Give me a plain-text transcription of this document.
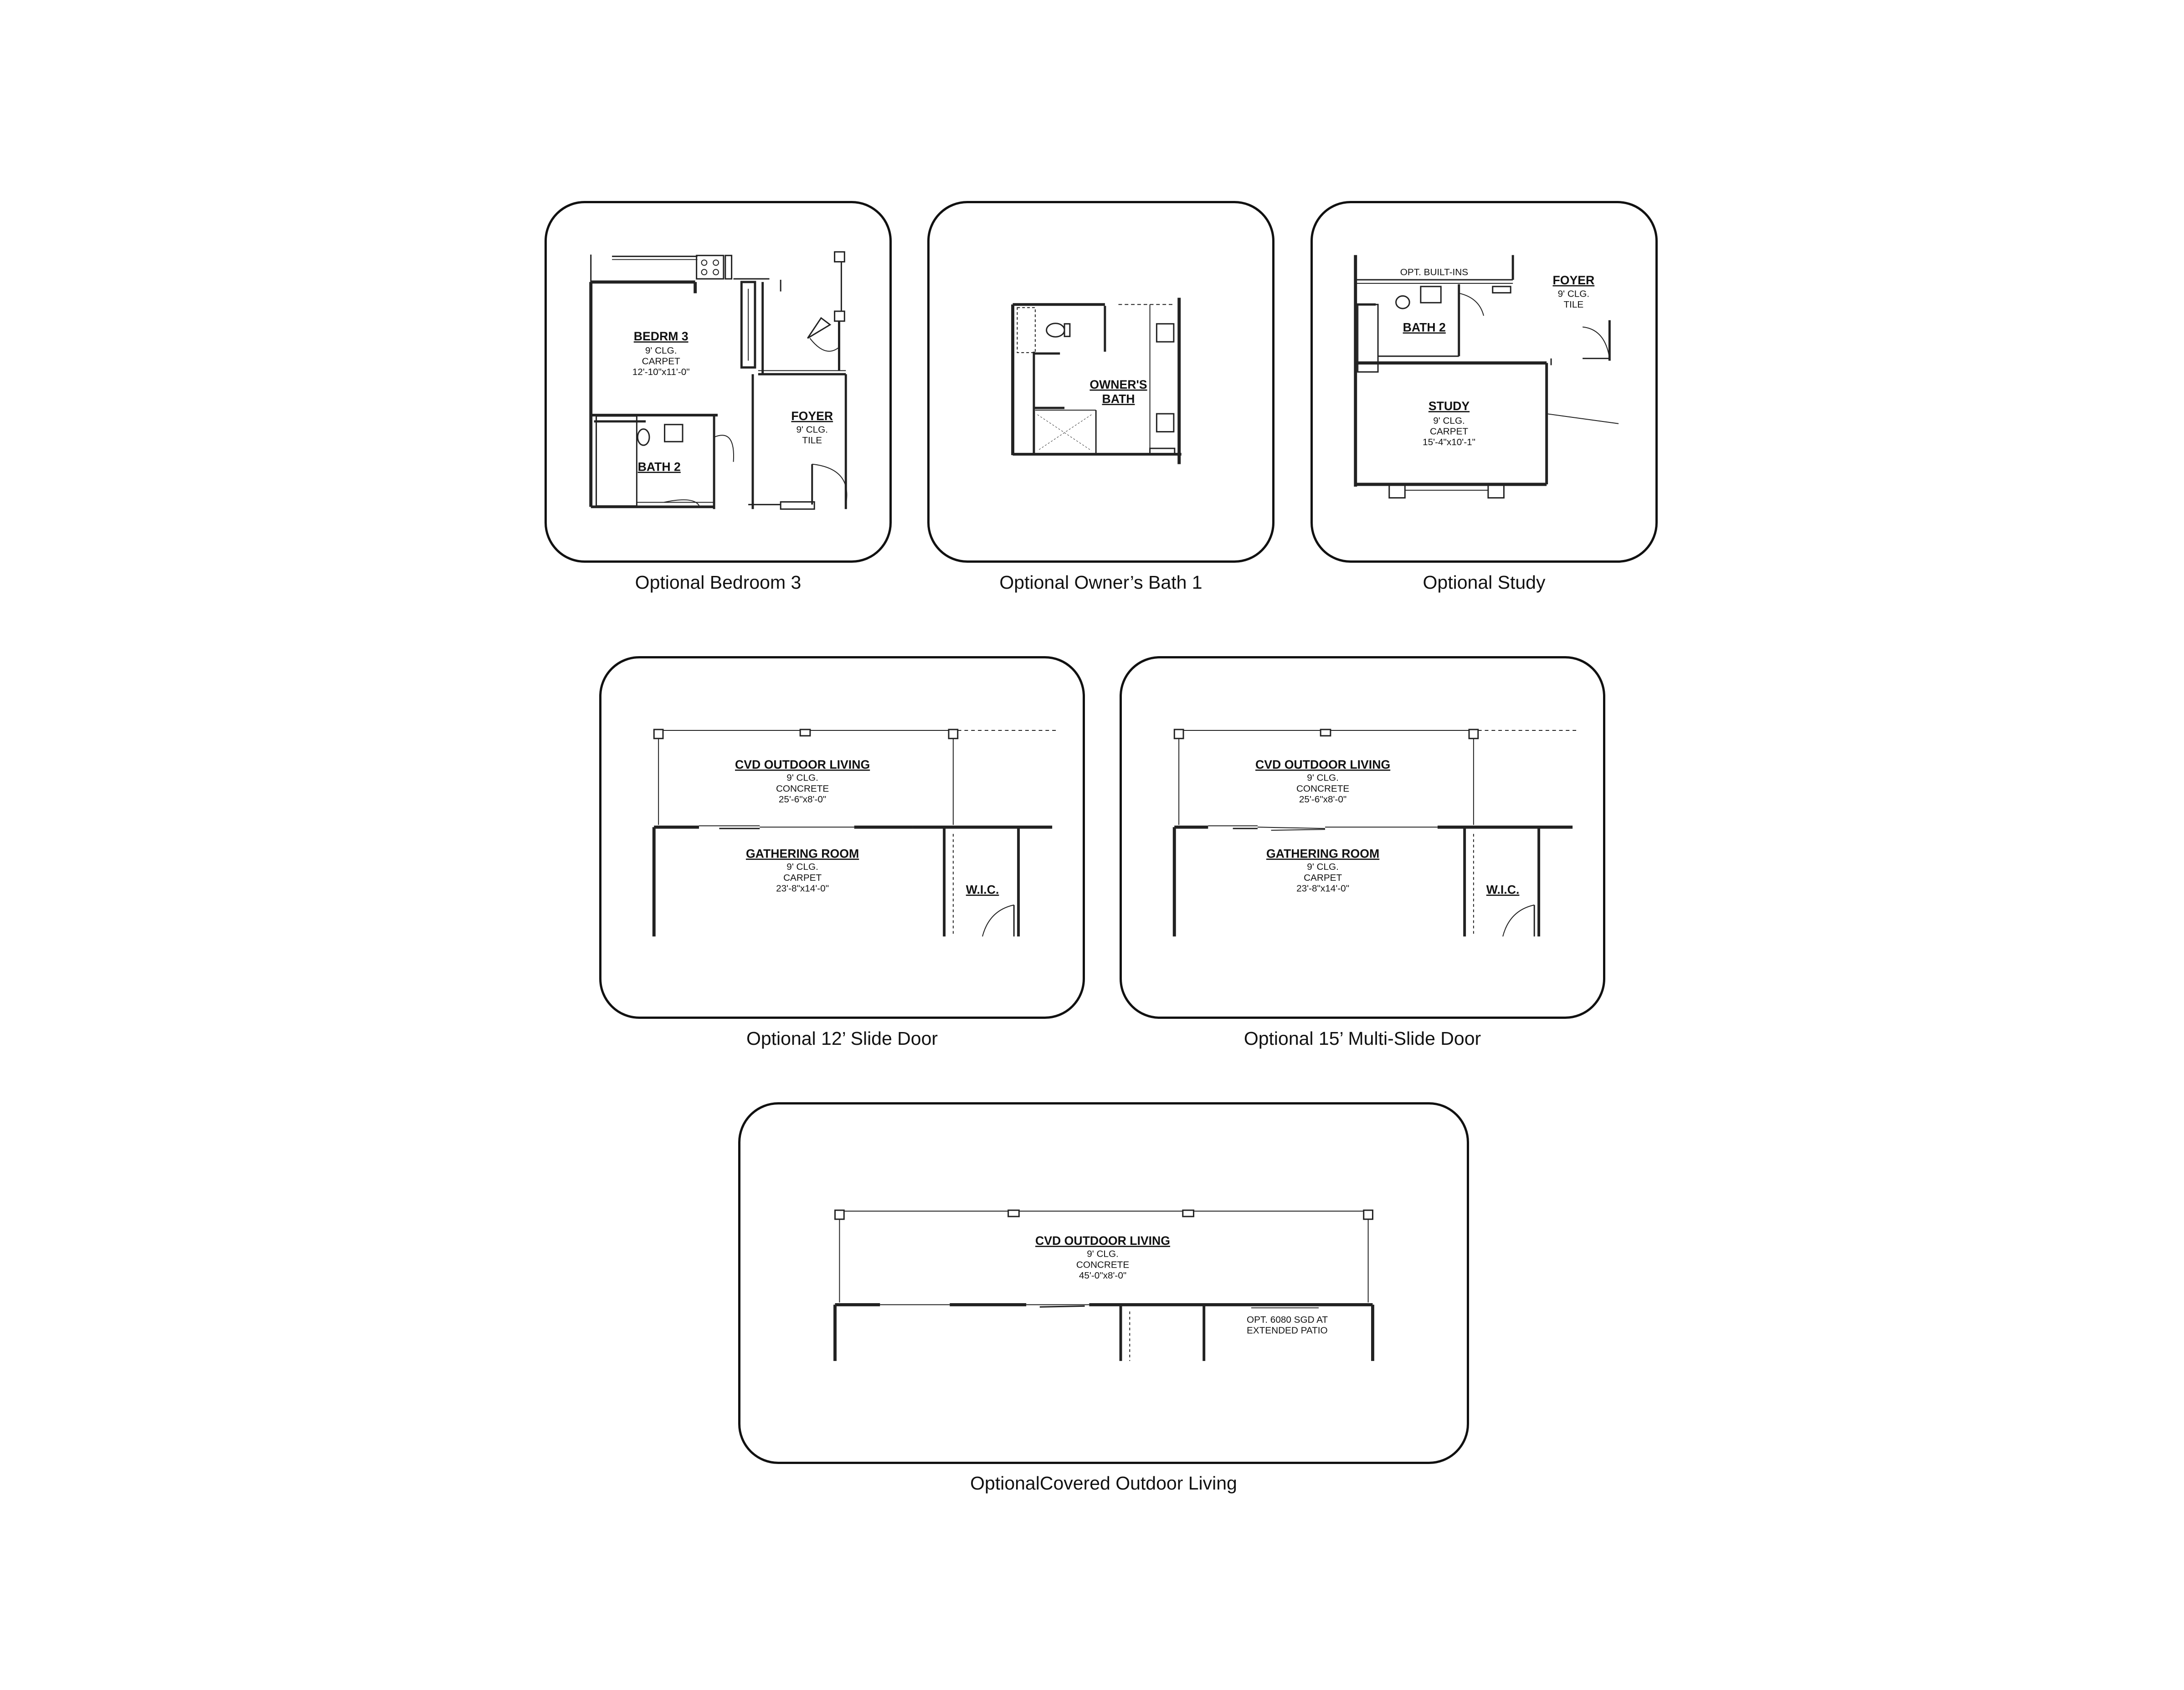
BEDRM 3
9' CLG.
CARPET
12'-10"x11'-0"
FOYER
9' CLG.
TILE
BATH 2
Optional Bedroom 3
OWNER'S
BATH
Optional Owner’s Bath 1
OPT. BUILT-INS
FOYER
9' CLG.
TILE
BATH 2
STUDY
9' CLG.
CARPET
15'-4"x10'-1"
Optional Study
CVD OUTDOOR LIVING
9' CLG.
CONCRETE
25'-6"x8'-0"
GATHERING ROOM
9' CLG.
CARPET
23'-8"x14'-0"	W.I.C.
Optional 12’ Slide Door
CVD OUTDOOR LIVING
9' CLG.
CONCRETE
25'-6"x8'-0"
GATHERING ROOM
9' CLG.
CARPET
23'-8"x14'-0"	W.I.C.
Optional 15’ Multi-Slide Door
CVD OUTDOOR LIVING
9' CLG.
CONCRETE
45'-0"x8'-0"
OPT. 6080 SGD AT
EXTENDED PATIO
OptionalCovered Outdoor Living
